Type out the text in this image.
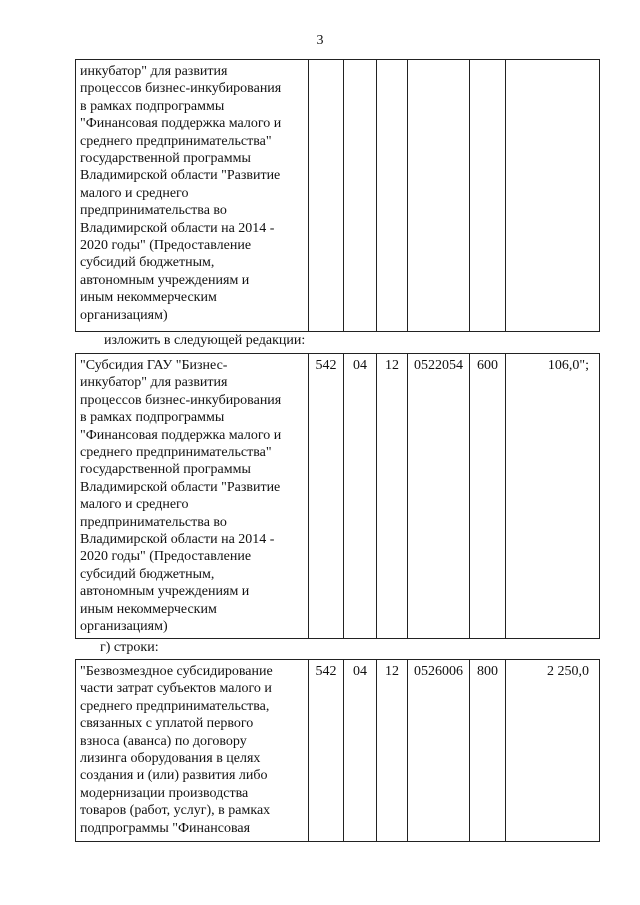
3
инкубатор" для развития
процессов бизнес-инкубирования
в рамках подпрограммы
"Финансовая поддержка малого и
среднего предпринимательства"
государственной программы
Владимирской области "Развитие
малого и среднего
предпринимательства во
Владимирской области на 2014 -
2020 годы" (Предоставление
субсидий бюджетным,
автономным учреждениям и
иным некоммерческим
организациям)

изложить в следующей редакции:
"Субсидия ГАУ "Бизнес-
инкубатор" для развития
процессов бизнес-инкубирования
в рамках подпрограммы
"Финансовая поддержка малого и
среднего предпринимательства"
государственной программы
Владимирской области "Развитие
малого и среднего
предпринимательства во
Владимирской области на 2014 -
2020 годы" (Предоставление
субсидий бюджетным,
автономным учреждениям и
иным некоммерческим
организациям)
	542	04	12	0522054	600	106,0";
г) строки:
"Безвозмездное субсидирование
части затрат субъектов малого и
среднего предпринимательства,
связанных с уплатой первого
взноса (аванса) по договору
лизинга оборудования в целях
создания и (или) развития либо
модернизации производства
товаров (работ, услуг), в рамках
подпрограммы "Финансовая
	542	04	12	0526006	800	2 250,0
